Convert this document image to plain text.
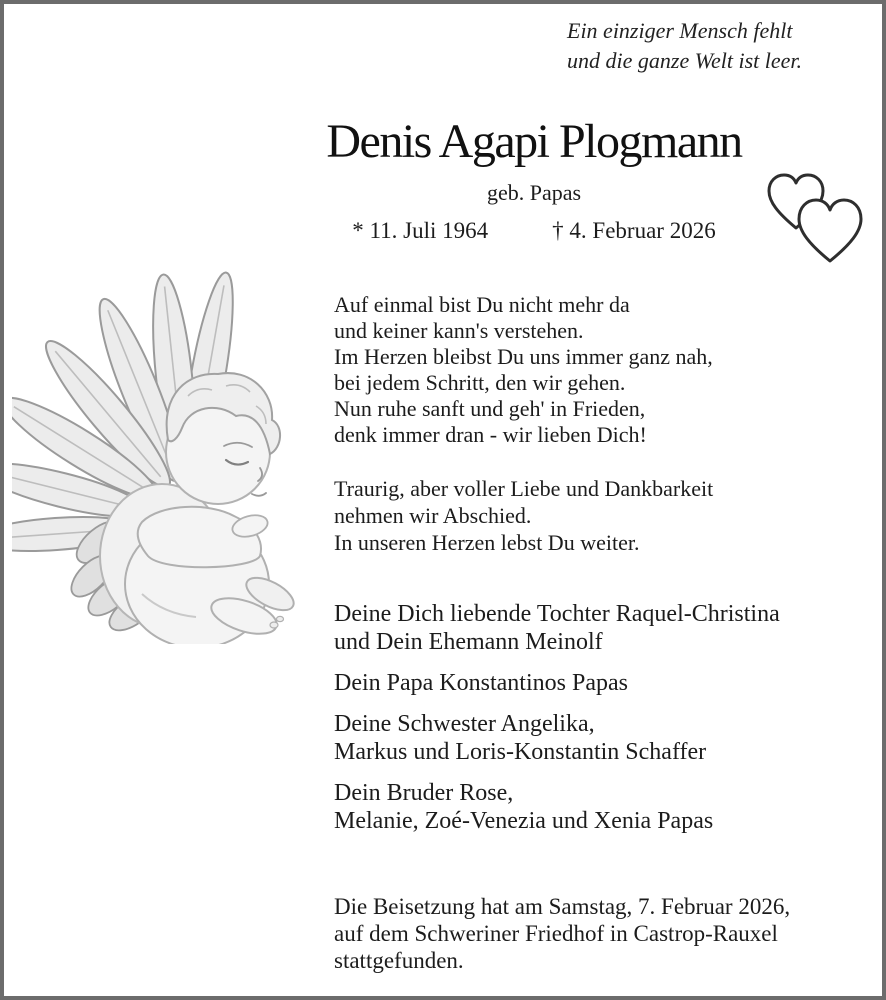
Ein einziger Mensch fehlt
und die ganze Welt ist leer.
Denis Agapi Plogmann
geb. Papas
* 11. Juli 1964	† 4. Februar 2026
Auf einmal bist Du nicht mehr da
und keiner kann's verstehen.
Im Herzen bleibst Du uns immer ganz nah,
bei jedem Schritt, den wir gehen.
Nun ruhe sanft und geh' in Frieden,
denk immer dran - wir lieben Dich!
Traurig, aber voller Liebe und Dankbarkeit
nehmen wir Abschied.
In unseren Herzen lebst Du weiter.
Deine Dich liebende Tochter Raquel-Christina
und Dein Ehemann Meinolf
Dein Papa Konstantinos Papas
Deine Schwester Angelika,
Markus und Loris-Konstantin Schaffer
Dein Bruder Rose,
Melanie, Zoé-Venezia und Xenia Papas
Die Beisetzung hat am Samstag, 7. Februar 2026,
auf dem Schweriner Friedhof in Castrop-Rauxel
stattgefunden.
